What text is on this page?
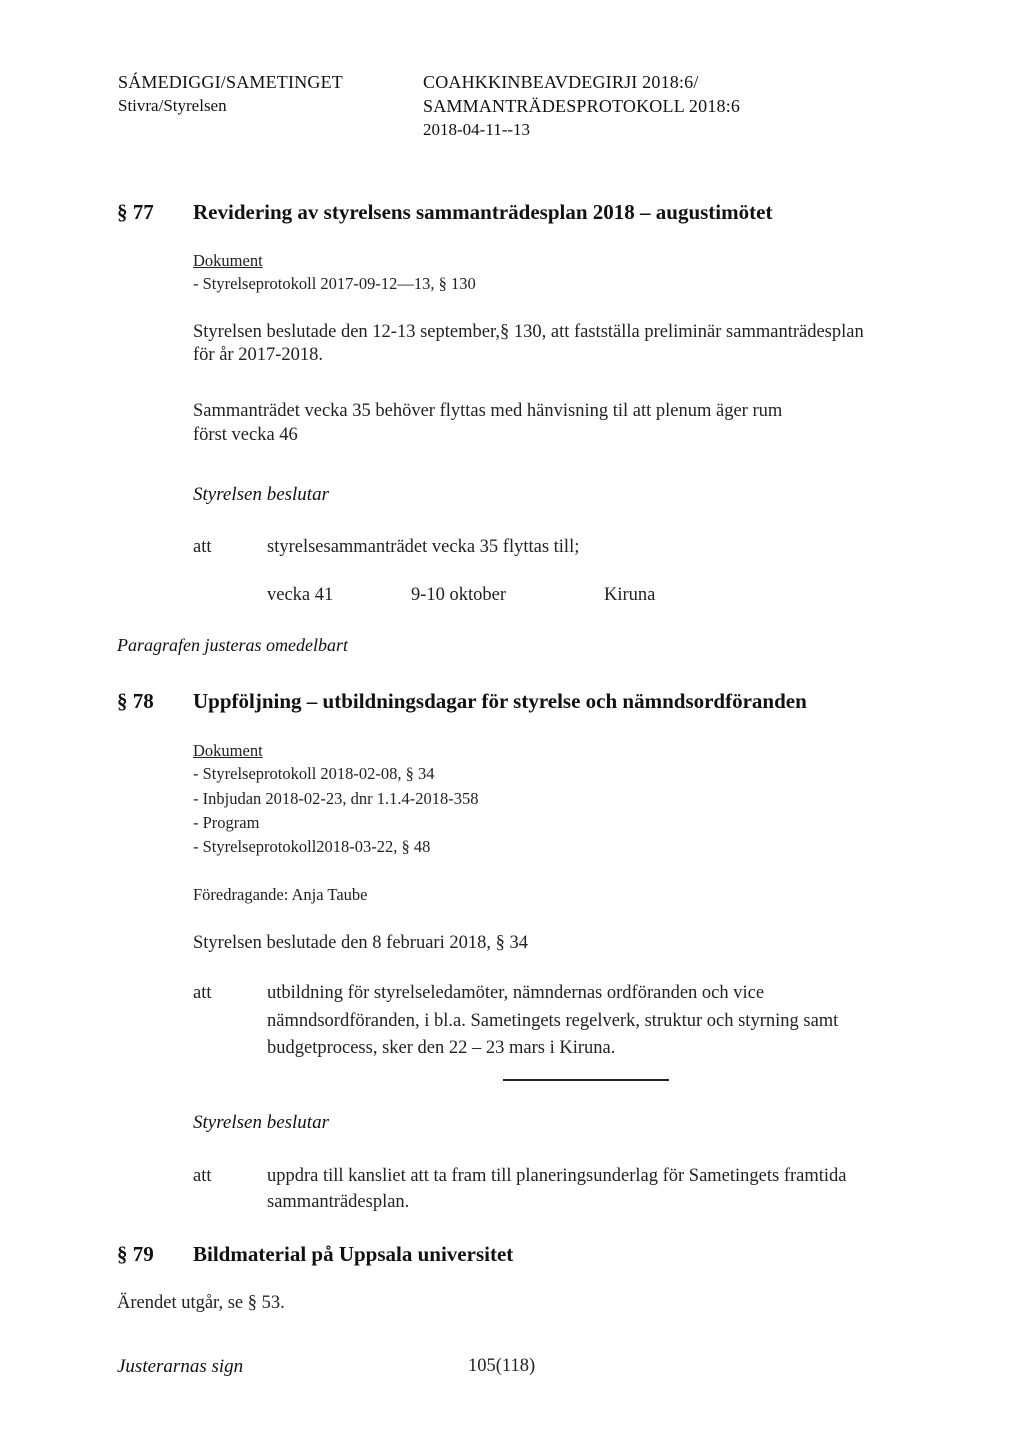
SÁMEDIGGI/SAMETINGET
Stivra/Styrelsen
COAHKKINBEAVDEGIRJI 2018:6/
SAMMANTRÄDESPROTOKOLL 2018:6
2018-04-11--13
§ 77 Revidering av styrelsens sammanträdesplan 2018 – augustimötet
Dokument
- Styrelseprotokoll 2017-09-12—13, § 130
Styrelsen beslutade den 12-13 september,§ 130, att fastställa preliminär sammanträdesplan
för år 2017-2018.
Sammanträdet vecka 35 behöver flyttas med hänvisning til att plenum äger rum
först vecka 46
Styrelsen beslutar
att	styrelsesammanträdet vecka 35 flyttas till;
vecka 41	9-10 oktober	Kiruna
Paragrafen justeras omedelbart
§ 78 Uppföljning – utbildningsdagar för styrelse och nämndsordföranden
Dokument
- Styrelseprotokoll 2018-02-08, § 34
- Inbjudan 2018-02-23, dnr 1.1.4-2018-358
- Program
- Styrelseprotokoll2018-03-22, § 48
Föredragande: Anja Taube
Styrelsen beslutade den 8 februari 2018, § 34
att	utbildning för styrelseledamöter, nämndernas ordföranden och vice
nämndsordföranden, i bl.a. Sametingets regelverk, struktur och styrning samt
budgetprocess, sker den 22 – 23 mars i Kiruna.
Styrelsen beslutar
att	uppdra till kansliet att ta fram till planeringsunderlag för Sametingets framtida
sammanträdesplan.
§ 79 Bildmaterial på Uppsala universitet
Ärendet utgår, se § 53.
Justerarnas sign	105(118)
